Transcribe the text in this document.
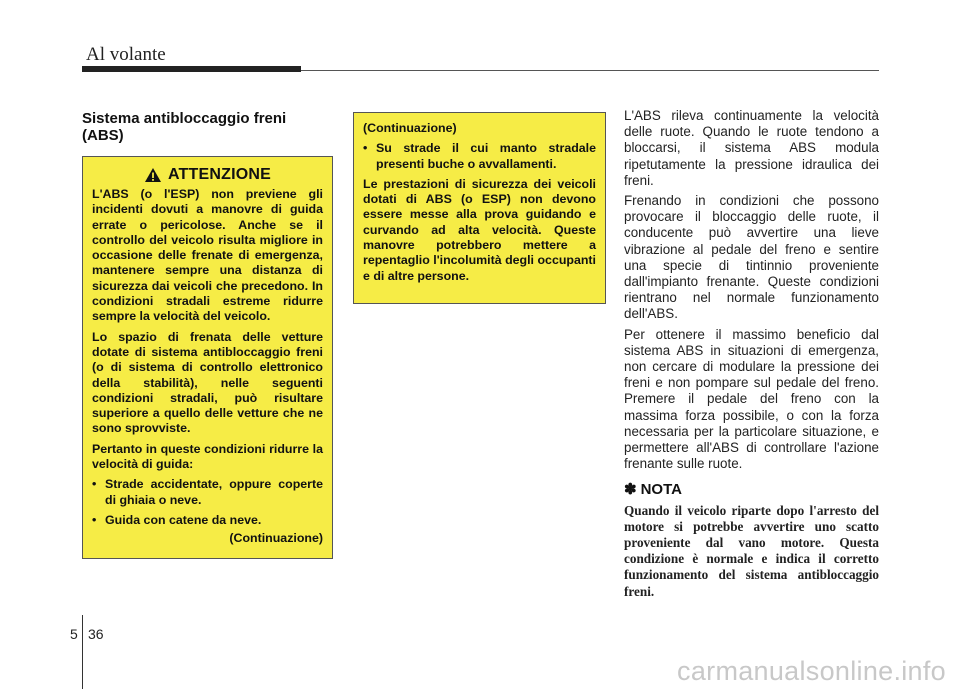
Al volante
Sistema antibloccaggio freni (ABS)
ATTENZIONE

L'ABS (o l'ESP) non previene gli incidenti dovuti a manovre di guida errate o pericolose. Anche se il controllo del veicolo risulta migliore in occasione delle frenate di emergenza, mantenere sempre una distanza di sicurezza dai veicoli che precedono. In condizioni stradali estreme ridurre sempre la velocità del veicolo.

Lo spazio di frenata delle vetture dotate di sistema antibloccaggio freni (o di sistema di controllo elettronico della stabilità), nelle seguenti condizioni stradali, può risultare superiore a quello delle vetture che ne sono sprovviste.

Pertanto in queste condizioni ridurre la velocità di guida:

• Strade accidentate, oppure coperte di ghiaia o neve.
• Guida con catene da neve.
(Continuazione)

(Continuazione)

• Su strade il cui manto stradale presenti buche o avvallamenti.

Le prestazioni di sicurezza dei veicoli dotati di ABS (o ESP) non devono essere messe alla prova guidando e curvando ad alta velocità. Queste manovre potrebbero mettere a repentaglio l'incolumità degli occupanti e di altre persone.

L'ABS rileva continuamente la velocità delle ruote. Quando le ruote tendono a bloccarsi, il sistema ABS modula ripetutamente la pressione idraulica dei freni.

Frenando in condizioni che possono provocare il bloccaggio delle ruote, il conducente può avvertire una lieve vibrazione al pedale del freno e sentire una specie di tintinnio proveniente dall'impianto frenante. Queste condizioni rientrano nel normale funzionamento dell'ABS.

Per ottenere il massimo beneficio dal sistema ABS in situazioni di emergenza, non cercare di modulare la pressione dei freni e non pompare sul pedale del freno. Premere il pedale del freno con la massima forza possibile, o con la forza necessaria per la particolare situazione, e permettere all'ABS di controllare l'azione frenante sulle ruote.

✽ NOTA
Quando il veicolo riparte dopo l'arresto del motore si potrebbe avvertire uno scatto proveniente dal vano motore. Questa condizione è normale e indica il corretto funzionamento del sistema antibloccaggio freni.
5 36
carmanualsonline.info
